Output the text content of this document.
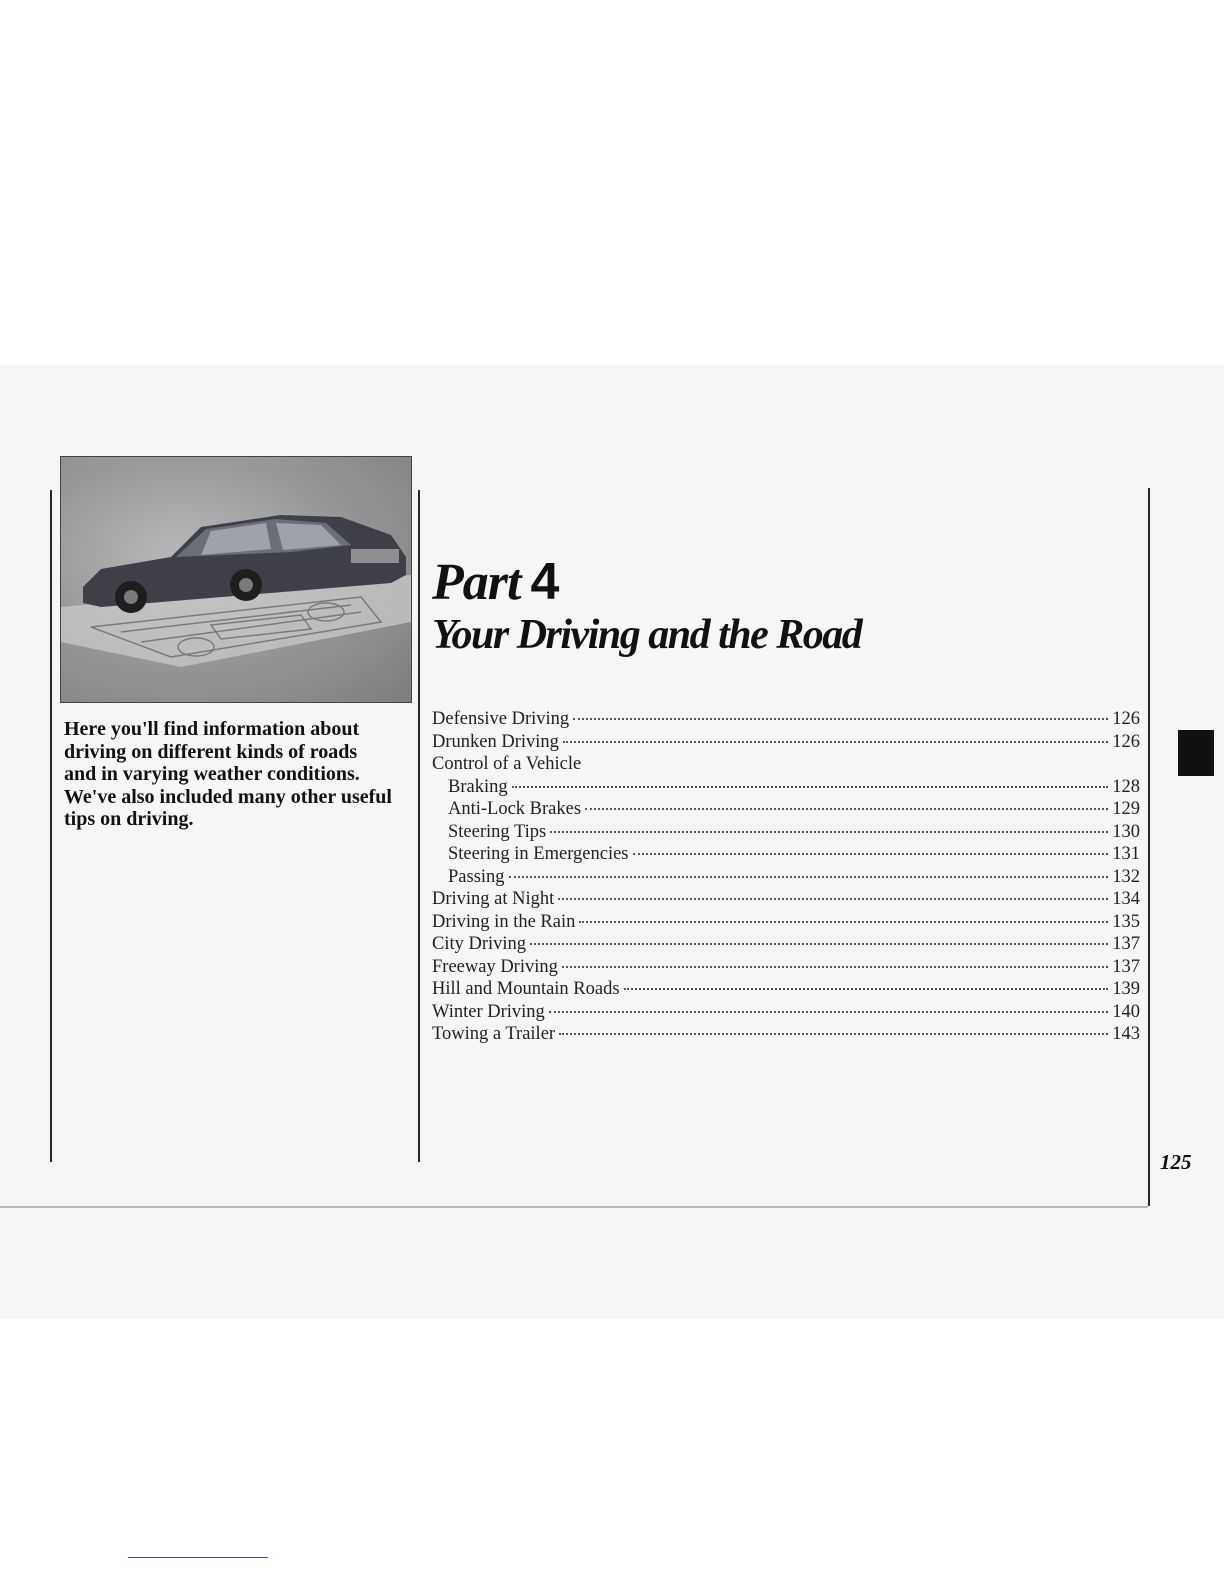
Here you'll find information about driving on different kinds of roads and in varying weather conditions. We've also included many other useful tips on driving.

Part 4
Your Driving and the Road
Defensive Driving	126
Drunken Driving	126
Control of a Vehicle
Braking	128
Anti-Lock Brakes	129
Steering Tips	130
Steering in Emergencies	131
Passing	132
Driving at Night	134
Driving in the Rain	135
City Driving	137
Freeway Driving	137
Hill and Mountain Roads	139
Winter Driving	140
Towing a Trailer	143

125
